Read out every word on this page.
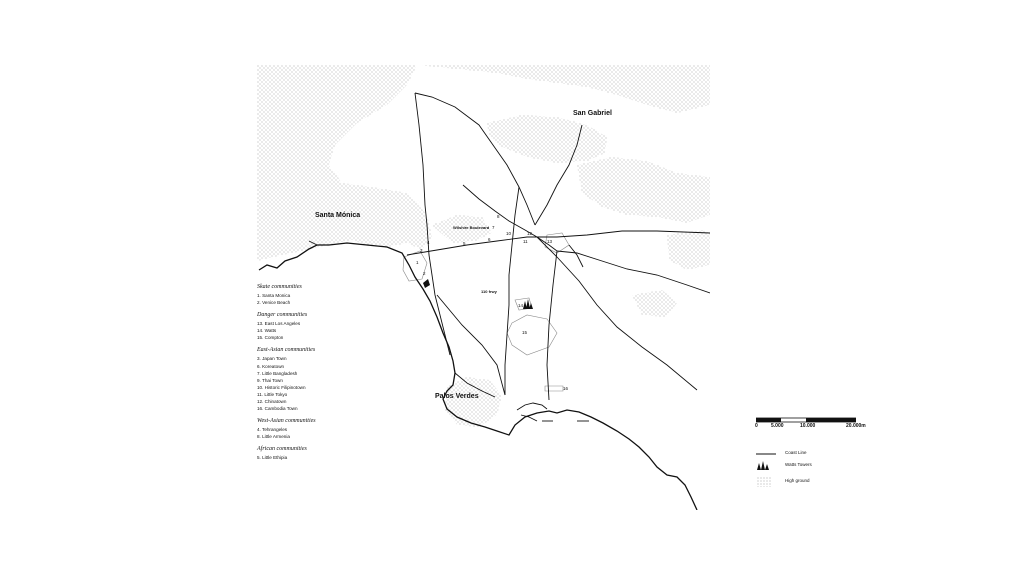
San Gabriel
Santa Mónica
Palos Verdes
Wilshire Boulevard
110 frwy
1
2
3
4	5
6
7
8
10
11
12
13
14
15
16
Skate communities
1. Santa Monica
2. Venice Beach
Danger communities
13. East Los Angeles
14. Watts
15. Compton
East-Asian communities
3. Japan Town
6. Koreatown
7. Little Bangladesh
9. Thai Town
10. Historic Filipinotown
11. Little Tokyo
12. Chinatown
16. Cambodia Town
West-Asian communities
4. Tehrangeles
8. Little Armenia
African communities
5. Little Ethipia
0	5.000	10.000	20.000m
Coast Line
Watts Towers
High ground
